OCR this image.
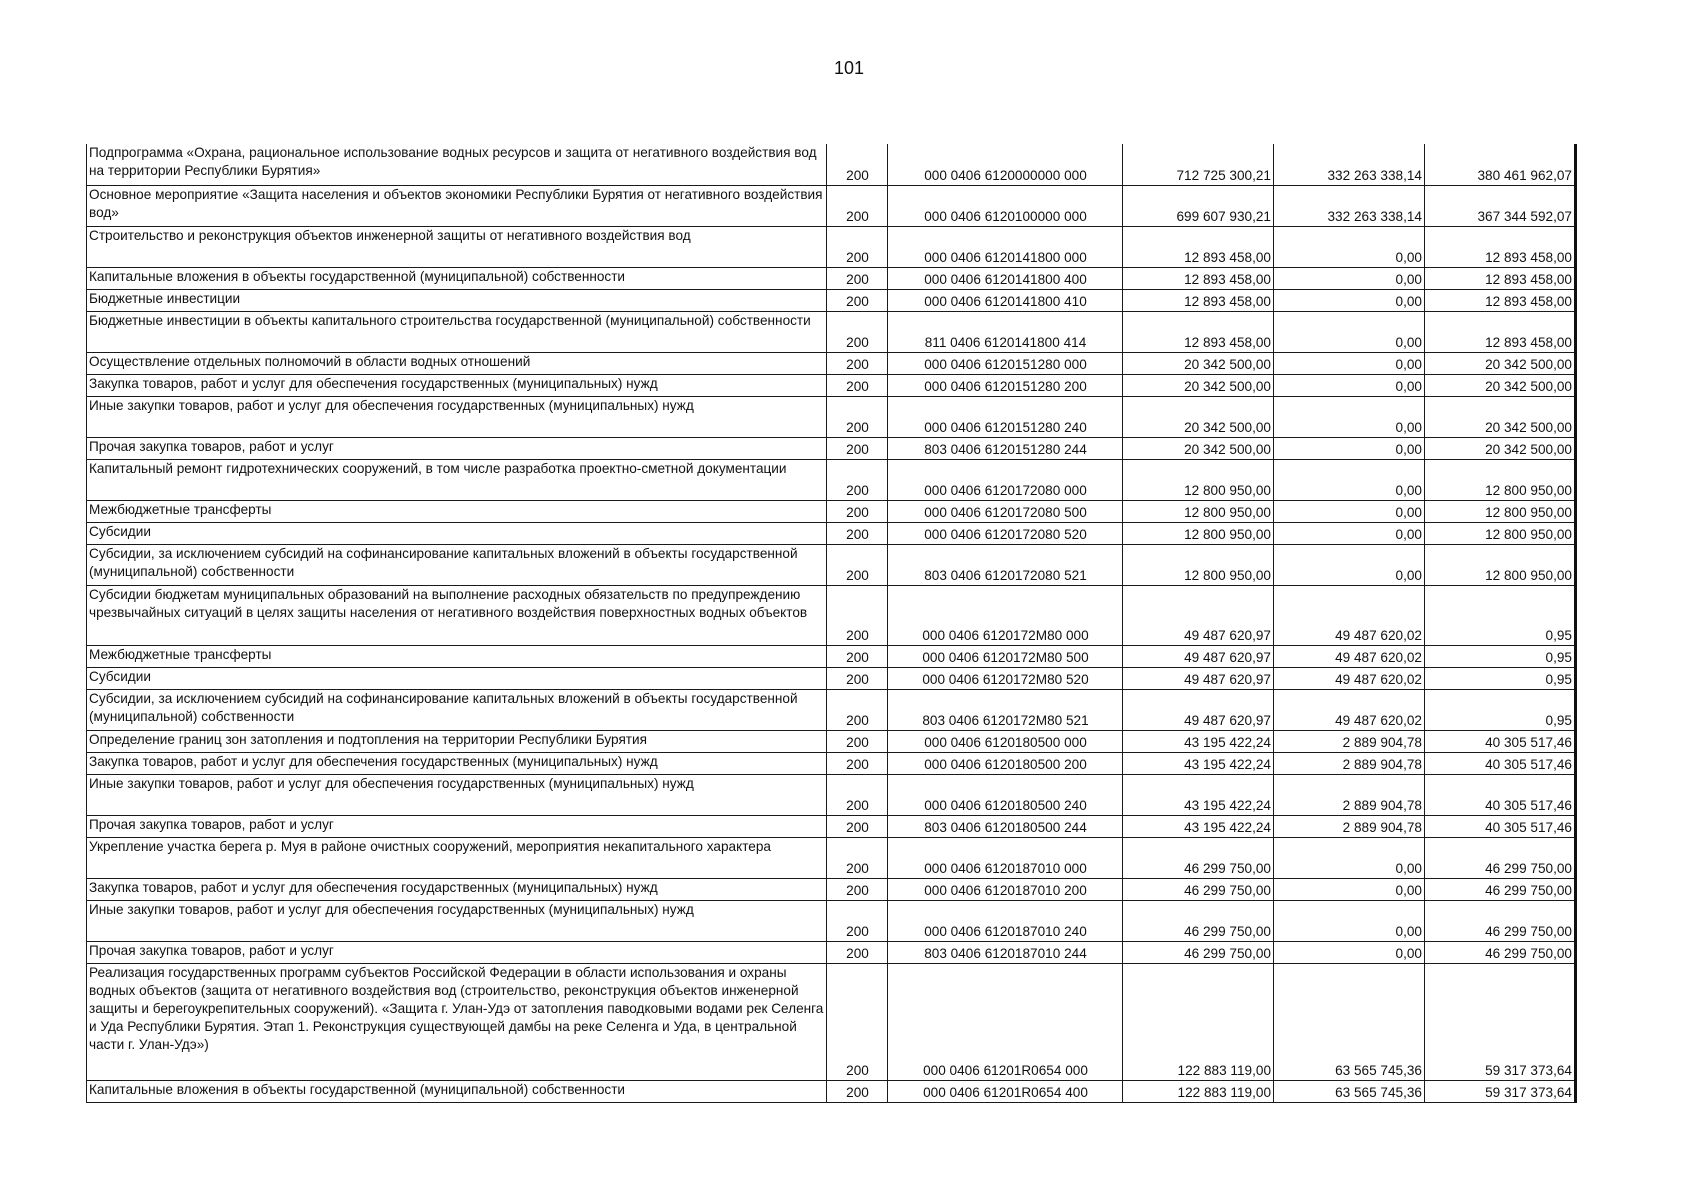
101
Подпрограмма «Охрана, рациональное использование водных ресурсов и защита от негативного воздействия вод на территории Республики Бурятия»	200	000 0406 6120000000 000	712 725 300,21	332 263 338,14	380 461 962,07
Основное мероприятие «Защита населения и объектов экономики Республики Бурятия от негативного воздействия вод»	200	000 0406 6120100000 000	699 607 930,21	332 263 338,14	367 344 592,07
Строительство и реконструкция объектов инженерной защиты от негативного воздействия вод	200	000 0406 6120141800 000	12 893 458,00	0,00	12 893 458,00
Капитальные вложения в объекты государственной (муниципальной) собственности	200	000 0406 6120141800 400	12 893 458,00	0,00	12 893 458,00
Бюджетные инвестиции	200	000 0406 6120141800 410	12 893 458,00	0,00	12 893 458,00
Бюджетные инвестиции в объекты капитального строительства государственной (муниципальной) собственности	200	811 0406 6120141800 414	12 893 458,00	0,00	12 893 458,00
Осуществление отдельных полномочий в области водных отношений	200	000 0406 6120151280 000	20 342 500,00	0,00	20 342 500,00
Закупка товаров, работ и услуг для обеспечения государственных (муниципальных) нужд	200	000 0406 6120151280 200	20 342 500,00	0,00	20 342 500,00
Иные закупки товаров, работ и услуг для обеспечения государственных (муниципальных) нужд	200	000 0406 6120151280 240	20 342 500,00	0,00	20 342 500,00
Прочая закупка товаров, работ и услуг	200	803 0406 6120151280 244	20 342 500,00	0,00	20 342 500,00
Капитальный ремонт гидротехнических сооружений, в том числе разработка проектно-сметной документации	200	000 0406 6120172080 000	12 800 950,00	0,00	12 800 950,00
Межбюджетные трансферты	200	000 0406 6120172080 500	12 800 950,00	0,00	12 800 950,00
Субсидии	200	000 0406 6120172080 520	12 800 950,00	0,00	12 800 950,00
Субсидии, за исключением субсидий на софинансирование капитальных вложений в объекты государственной (муниципальной) собственности	200	803 0406 6120172080 521	12 800 950,00	0,00	12 800 950,00
Субсидии бюджетам муниципальных образований на выполнение расходных обязательств по предупреждению чрезвычайных ситуаций в целях защиты населения от негативного воздействия поверхностных водных объектов	200	000 0406 6120172М80 000	49 487 620,97	49 487 620,02	0,95
Межбюджетные трансферты	200	000 0406 6120172М80 500	49 487 620,97	49 487 620,02	0,95
Субсидии	200	000 0406 6120172М80 520	49 487 620,97	49 487 620,02	0,95
Субсидии, за исключением субсидий на софинансирование капитальных вложений в объекты государственной (муниципальной) собственности	200	803 0406 6120172М80 521	49 487 620,97	49 487 620,02	0,95
Определение границ зон затопления и подтопления на территории Республики Бурятия	200	000 0406 6120180500 000	43 195 422,24	2 889 904,78	40 305 517,46
Закупка товаров, работ и услуг для обеспечения государственных (муниципальных) нужд	200	000 0406 6120180500 200	43 195 422,24	2 889 904,78	40 305 517,46
Иные закупки товаров, работ и услуг для обеспечения государственных (муниципальных) нужд	200	000 0406 6120180500 240	43 195 422,24	2 889 904,78	40 305 517,46
Прочая закупка товаров, работ и услуг	200	803 0406 6120180500 244	43 195 422,24	2 889 904,78	40 305 517,46
Укрепление участка берега р. Муя в районе очистных сооружений, мероприятия некапитального характера	200	000 0406 6120187010 000	46 299 750,00	0,00	46 299 750,00
Закупка товаров, работ и услуг для обеспечения государственных (муниципальных) нужд	200	000 0406 6120187010 200	46 299 750,00	0,00	46 299 750,00
Иные закупки товаров, работ и услуг для обеспечения государственных (муниципальных) нужд	200	000 0406 6120187010 240	46 299 750,00	0,00	46 299 750,00
Прочая закупка товаров, работ и услуг	200	803 0406 6120187010 244	46 299 750,00	0,00	46 299 750,00
Реализация государственных программ субъектов Российской Федерации в области использования и охраны водных объектов (защита от негативного воздействия вод (строительство, реконструкция объектов инженерной защиты и берегоукрепительных сооружений). «Защита г. Улан-Удэ от затопления паводковыми водами рек Селенга и Уда Республики Бурятия. Этап 1. Реконструкция существующей дамбы на реке Селенга и Уда, в центральной части г. Улан-Удэ»)	200	000 0406 61201R0654 000	122 883 119,00	63 565 745,36	59 317 373,64
Капитальные вложения в объекты государственной (муниципальной) собственности	200	000 0406 61201R0654 400	122 883 119,00	63 565 745,36	59 317 373,64
